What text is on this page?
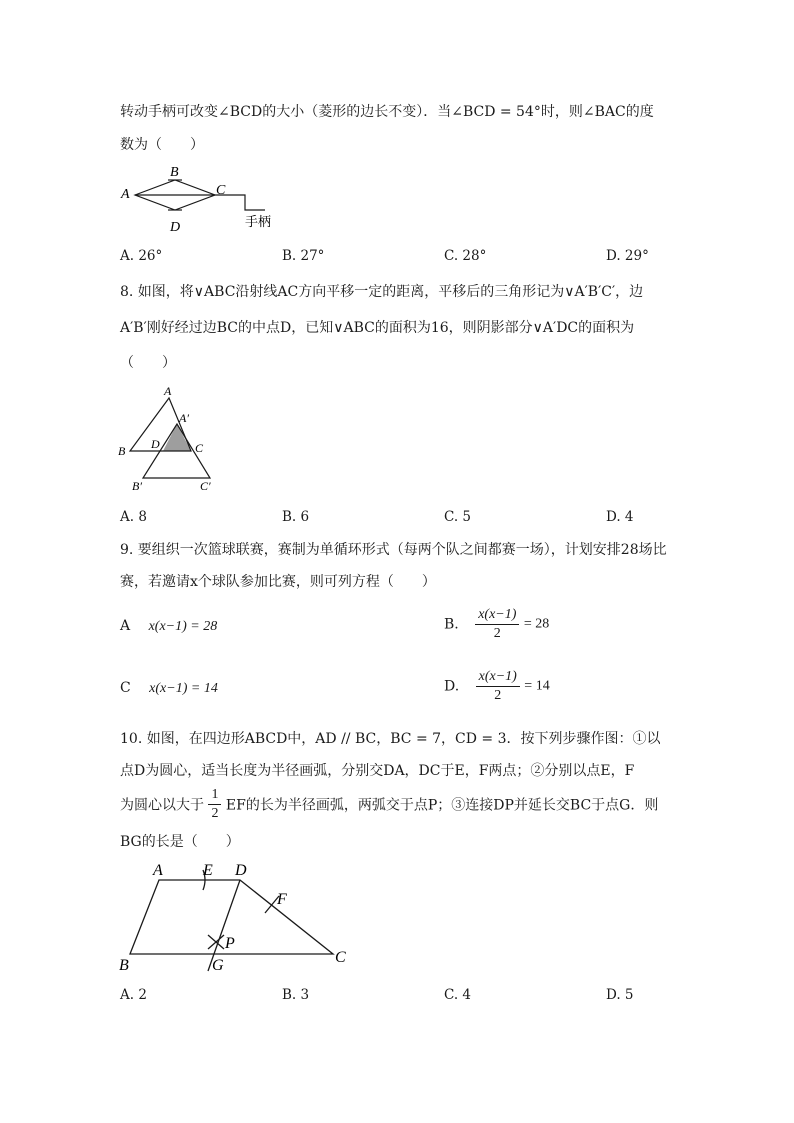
转动手柄可改变∠BCD的大小（菱形的边长不变）．当∠BCD = 54°时，则∠BAC的度
数为（　　）
A
B
C
D	手柄
A. 26°	B. 27°	C. 28°	D. 29°
8. 如图，将∨ABC沿射线AC方向平移一定的距离，平移后的三角形记为∨A′B′C′，边
A′B′刚好经过边BC的中点D，已知∨ABC的面积为16，则阴影部分∨A′DC的面积为
（　　）
A
A′
B D	C
B′	C′
A. 8	B. 6	C. 5	D. 4
9. 要组织一次篮球联赛，赛制为单循环形式（每两个队之间都赛一场），计划安排28场比
赛，若邀请x个球队参加比赛，则可列方程（　　）
A x(x−1) = 28	B. $\frac{x(x-1)}{2} = 28$
C x(x−1) = 14	D. $\frac{x(x-1)}{2} = 14$
10. 如图，在四边形ABCD中，AD // BC，BC = 7，CD = 3．按下列步骤作图：①以
点D为圆心，适当长度为半径画弧，分别交DA，DC于E，F两点；②分别以点E，F
为圆心以大于 $\frac{1}{2}$ EF的长为半径画弧，两弧交于点P；③连接DP并延长交BC于点G．则
BG的长是（　　）
A	E D
F
P
B	G	C
A. 2	B. 3	C. 4	D. 5
